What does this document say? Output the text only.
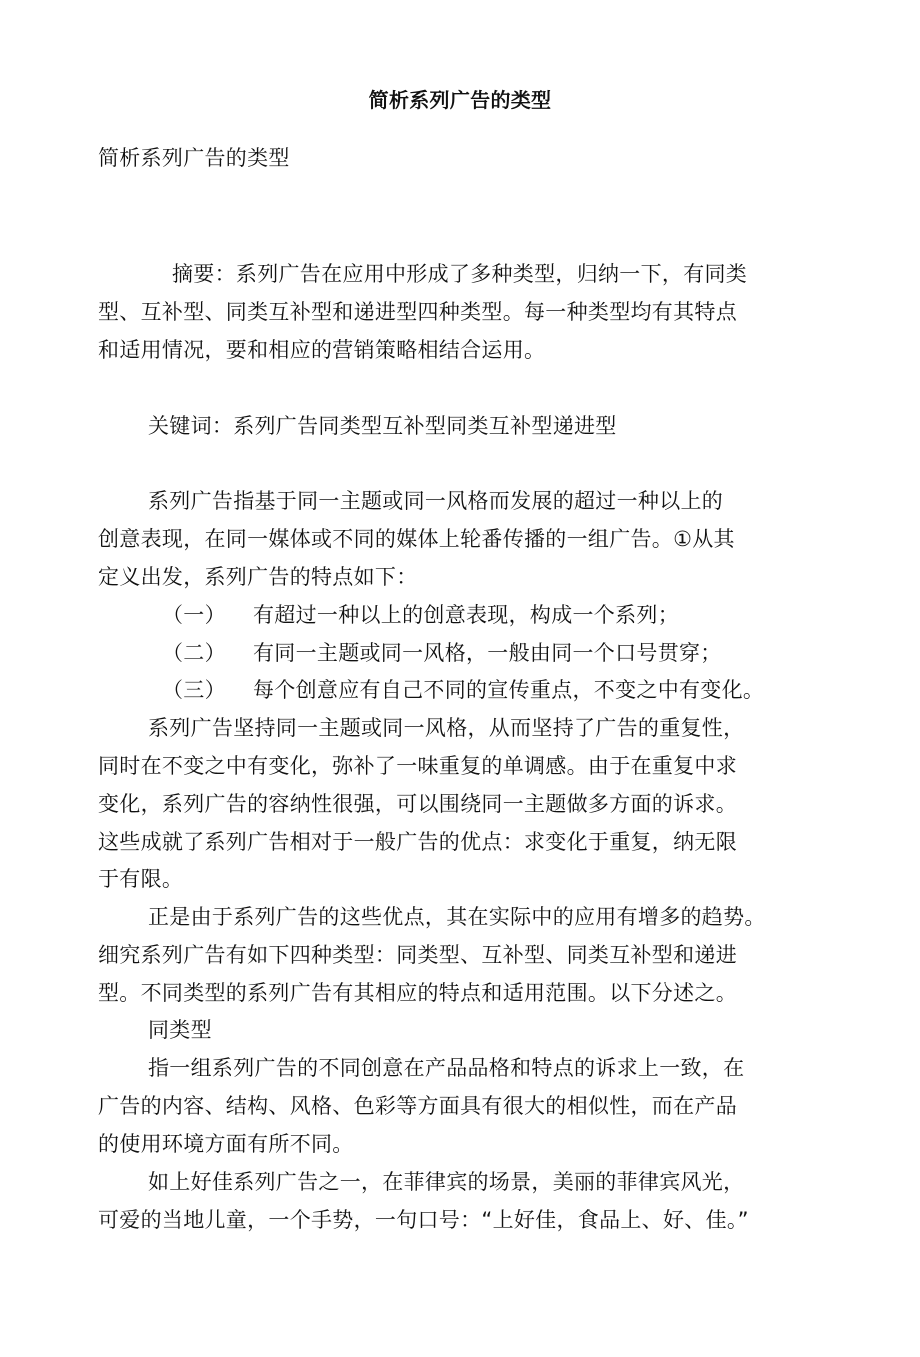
简析系列广告的类型
简析系列广告的类型
摘要：系列广告在应用中形成了多种类型，归纳一下，有同类
型、互补型、同类互补型和递进型四种类型。每一种类型均有其特点
和适用情况，要和相应的营销策略相结合运用。
关键词：系列广告同类型互补型同类互补型递进型
系列广告指基于同一主题或同一风格而发展的超过一种以上的
创意表现，在同一媒体或不同的媒体上轮番传播的一组广告。①从其
定义出发，系列广告的特点如下：
（一） 有超过一种以上的创意表现，构成一个系列；
（二） 有同一主题或同一风格，一般由同一个口号贯穿；
（三） 每个创意应有自己不同的宣传重点，不变之中有变化。
系列广告坚持同一主题或同一风格，从而坚持了广告的重复性，
同时在不变之中有变化，弥补了一味重复的单调感。由于在重复中求
变化，系列广告的容纳性很强，可以围绕同一主题做多方面的诉求。
这些成就了系列广告相对于一般广告的优点：求变化于重复，纳无限
于有限。
正是由于系列广告的这些优点，其在实际中的应用有增多的趋势。
细究系列广告有如下四种类型：同类型、互补型、同类互补型和递进
型。不同类型的系列广告有其相应的特点和适用范围。以下分述之。
同类型
指一组系列广告的不同创意在产品品格和特点的诉求上一致，在
广告的内容、结构、风格、色彩等方面具有很大的相似性，而在产品
的使用环境方面有所不同。
如上好佳系列广告之一，在菲律宾的场景，美丽的菲律宾风光，
可爱的当地儿童，一个手势，一句口号：“上好佳，食品上、好、佳。”
